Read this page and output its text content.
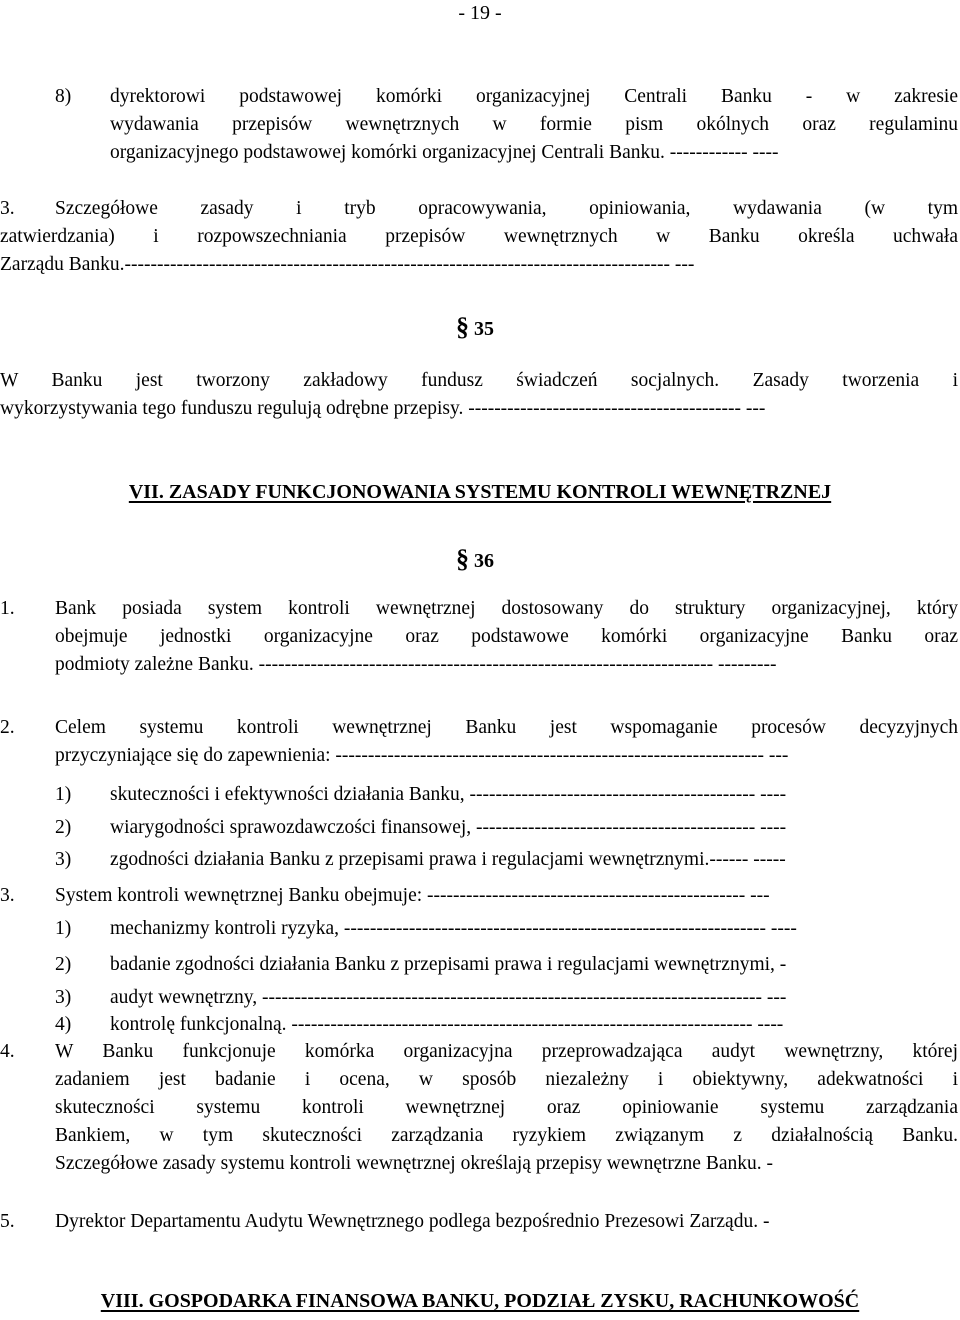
- 19 -
8) dyrektorowi podstawowej komórki organizacyjnej Centrali Banku - w zakresie
wydawania przepisów wewnętrznych w formie pism okólnych oraz regulaminu
organizacyjnego podstawowej komórki organizacyjnej Centrali Banku. ------------ ----
3. Szczegółowe zasady i tryb opracowywania, opiniowania, wydawania (w tym
zatwierdzania) i rozpowszechniania przepisów wewnętrznych w Banku określa uchwała
Zarządu Banku.------------------------------------------------------------------------------------ ---
§ 35
W Banku jest tworzony zakładowy fundusz świadczeń socjalnych. Zasady tworzenia i
wykorzystywania tego funduszu regulują odrębne przepisy. ------------------------------------------ ---
VII. ZASADY FUNKCJONOWANIA SYSTEMU KONTROLI WEWNĘTRZNEJ
§ 36
1. Bank posiada system kontroli wewnętrznej dostosowany do struktury organizacyjnej, który
obejmuje jednostki organizacyjne oraz podstawowe komórki organizacyjne Banku oraz
podmioty zależne Banku. ---------------------------------------------------------------------- ---------
2. Celem systemu kontroli wewnętrznej Banku jest wspomaganie procesów decyzyjnych
przyczyniające się do zapewnienia: ------------------------------------------------------------------ ---
1) skuteczności i efektywności działania Banku, -------------------------------------------- ----
2) wiarygodności sprawozdawczości finansowej, ------------------------------------------- ----
3) zgodności działania Banku z przepisami prawa i regulacjami wewnętrznymi.------ -----
3. System kontroli wewnętrznej Banku obejmuje: ------------------------------------------------- ---
1) mechanizmy kontroli ryzyka, ----------------------------------------------------------------- ----
2) badanie zgodności działania Banku z przepisami prawa i regulacjami wewnętrznymi, -
3) audyt wewnętrzny, ----------------------------------------------------------------------------- ---
4) kontrolę funkcjonalną. ----------------------------------------------------------------------- ----
4. W Banku funkcjonuje komórka organizacyjna przeprowadzająca audyt wewnętrzny, której
zadaniem jest badanie i ocena, w sposób niezależny i obiektywny, adekwatności i
skuteczności systemu kontroli wewnętrznej oraz opiniowanie systemu zarządzania
Bankiem, w tym skuteczności zarządzania ryzykiem związanym z działalnością Banku.
Szczegółowe zasady systemu kontroli wewnętrznej określają przepisy wewnętrzne Banku. -
5. Dyrektor Departamentu Audytu Wewnętrznego podlega bezpośrednio Prezesowi Zarządu. -
VIII. GOSPODARKA FINANSOWA BANKU, PODZIAŁ ZYSKU, RACHUNKOWOŚĆ
